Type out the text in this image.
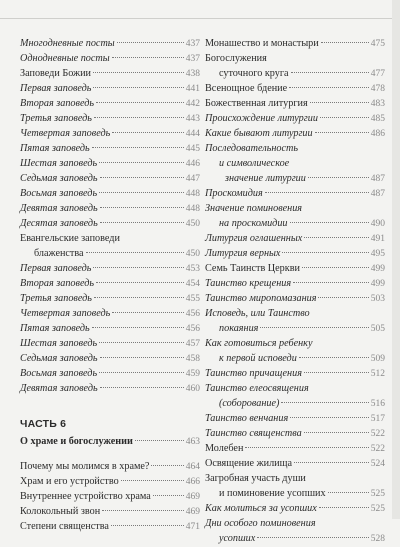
Многодневные посты	437
Однодневные посты	437
Заповеди Божии	438
Первая заповедь	441
Вторая заповедь	442
Третья заповедь	443
Четвертая заповедь	444
Пятая заповедь	445
Шестая заповедь	446
Седьмая заповедь	447
Восьмая заповедь	448
Девятая заповедь	448
Десятая заповедь	450
Евангельские заповеди
блаженства	450
Первая заповедь	453
Вторая заповедь	454
Третья заповедь	455
Четвертая заповедь	456
Пятая заповедь	456
Шестая заповедь	457
Седьмая заповедь	458
Восьмая заповедь	459
Девятая заповедь	460
ЧАСТЬ 6
О храме и богослужении	463
Почему мы молимся в храме?	464
Храм и его устройство	466
Внутреннее устройство храма	469
Колокольный звон	469
Степени священства	471
Монашество и монастыри	475
Богослужения
суточного круга	477
Всенощное бдение	478
Божественная литургия	483
Происхождение литургии	485
Какие бывают литургии	486
Последовательность
и символическое
значение литургии	487
Проскомидия	487
Значение поминовения
на проскомидии	490
Литургия оглашенных	491
Литургия верных	495
Семь Таинств Церкви	499
Таинство крещения	499
Таинство миропомазания	503
Исповедь, или Таинство
покаяния	505
Как готовиться ребенку
к первой исповеди	509
Таинство причащения	512
Таинство елеосвящения
(соборование)	516
Таинство венчания	517
Таинство священства	522
Молебен	522
Освящение жилища	524
Загробная участь души
и поминовение усопших	525
Как молиться за усопших	525
Дни особого поминовения
усопших	528
